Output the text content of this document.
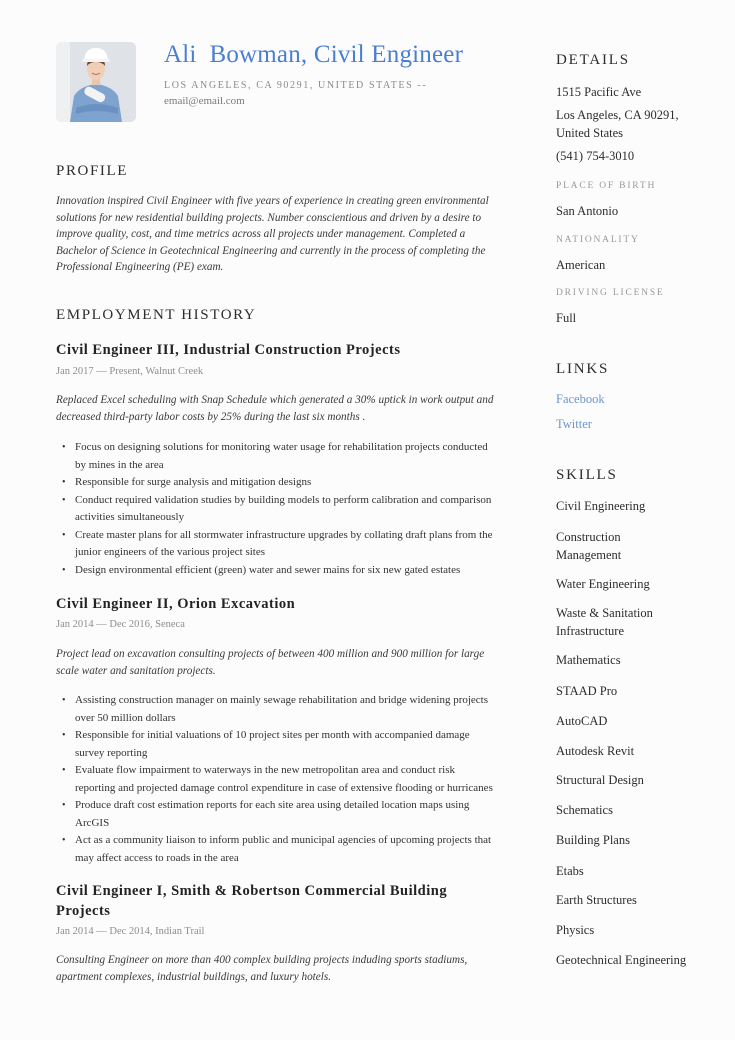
Ali  Bowman, Civil Engineer
LOS ANGELES, CA 90291, UNITED STATES --
email@email.com
PROFILE

Innovation inspired Civil Engineer with five years of experience in creating green environmental solutions for new residential building projects. Number conscientious and driven by a desire to improve quality, cost, and time metrics across all projects under management. Completed a Bachelor of Science in Geotechnical Engineering and currently in the process of completing the Professional Engineering (PE) exam.

EMPLOYMENT HISTORY
Civil Engineer III, Industrial Construction Projects
Jan 2017 — Present, Walnut Creek

Replaced Excel scheduling with Snap Schedule which generated a 30% uptick in work output and decreased third-party labor costs by 25% during the last six months .

• Focus on designing solutions for monitoring water usage for rehabilitation projects conducted by mines in the area
• Responsible for surge analysis and mitigation designs
• Conduct required validation studies by building models to perform calibration and comparison activities simultaneously
• Create master plans for all stormwater infrastructure upgrades by collating draft plans from the junior engineers of the various project sites
• Design environmental efficient (green) water and sewer mains for six new gated estates
Civil Engineer II, Orion Excavation
Jan 2014 — Dec 2016, Seneca

Project lead on excavation consulting projects of between 400 million and 900 million for large scale water and sanitation projects.

• Assisting construction manager on mainly sewage rehabilitation and bridge widening projects over 50 million dollars
• Responsible for initial valuations of 10 project sites per month with accompanied damage survey reporting
• Evaluate flow impairment to waterways in the new metropolitan area and conduct risk reporting and projected damage control expenditure in case of extensive flooding or hurricanes
• Produce draft cost estimation reports for each site area using detailed location maps using ArcGIS
• Act as a community liaison to inform public and municipal agencies of upcoming projects that may affect access to roads in the area
Civil Engineer I, Smith & Robertson Commercial Building Projects
Jan 2014 — Dec 2014, Indian Trail

Consulting Engineer on more than 400 complex building projects induding sports stadiums, apartment complexes, industrial buildings, and luxury hotels.

DETAILS
1515 Pacific Ave
Los Angeles, CA 90291, United States
(541) 754-3010
PLACE OF BIRTH
San Antonio
NATIONALITY
American
DRIVING LICENSE
Full
LINKS
Facebook
Twitter
SKILLS
Civil Engineering
Construction Management
Water Engineering
Waste & Sanitation Infrastructure
Mathematics
STAAD Pro
AutoCAD
Autodesk Revit
Structural Design
Schematics
Building Plans
Etabs
Earth Structures
Physics
Geotechnical Engineering
